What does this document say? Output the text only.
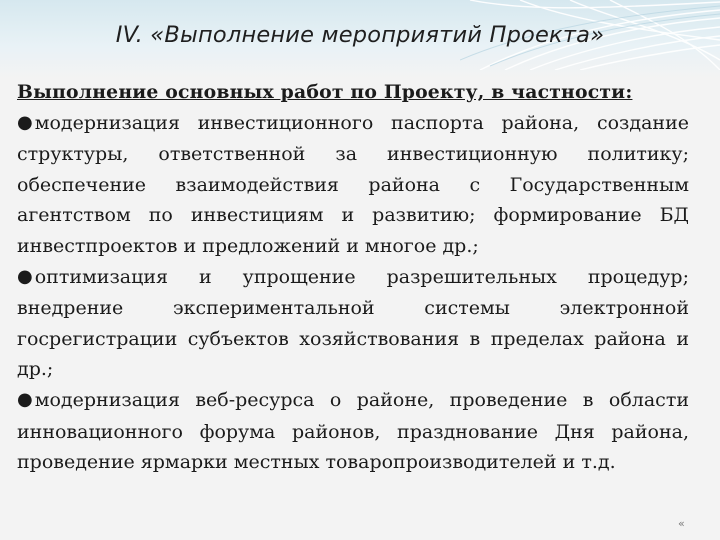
IV. «Выполнение мероприятий Проекта»
Выполнение основных работ по Проекту, в частности:

● модернизация инвестиционного паспорта района, создание структуры, ответственной за инвестиционную политику; обеспечение взаимодействия района с Государственным агентством по инвестициям и развитию; формирование БД инвестпроектов и предложений и многое др.;

● оптимизация и упрощение разрешительных процедур; внедрение экспериментальной системы электронной госрегистрации субъектов хозяйствования в пределах района и др.;

● модернизация веб-ресурса о районе, проведение в области инновационного форума районов, празднование Дня района, проведение ярмарки местных товаропроизводителей и т.д.

«
